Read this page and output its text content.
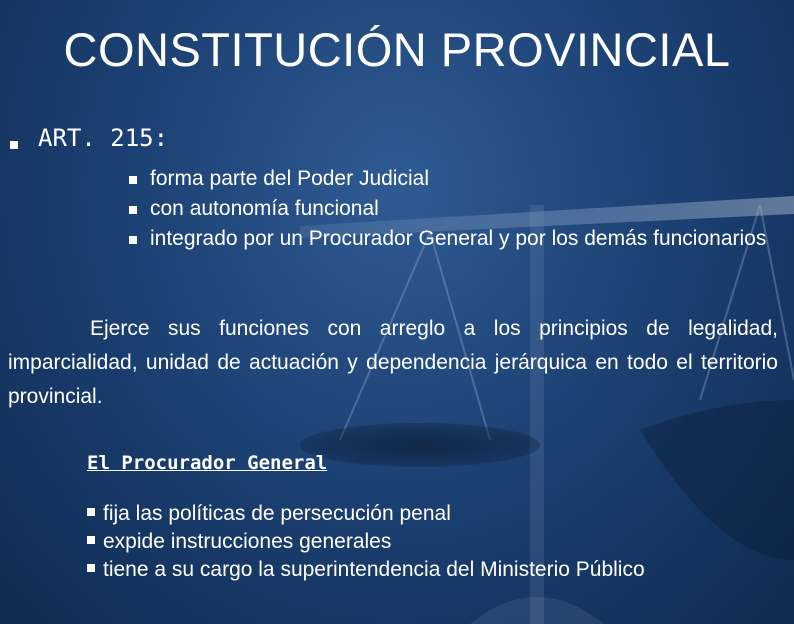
CONSTITUCIÓN PROVINCIAL
ART. 215:
forma parte del Poder Judicial
con autonomía funcional
integrado por un Procurador General y por los demás funcionarios

Ejerce sus funciones con arreglo a los principios de legalidad, imparcialidad, unidad de actuación y dependencia jerárquica en todo el territorio provincial.

El Procurador General
fija las políticas de persecución penal
expide instrucciones generales
tiene a su cargo la superintendencia del Ministerio Público
